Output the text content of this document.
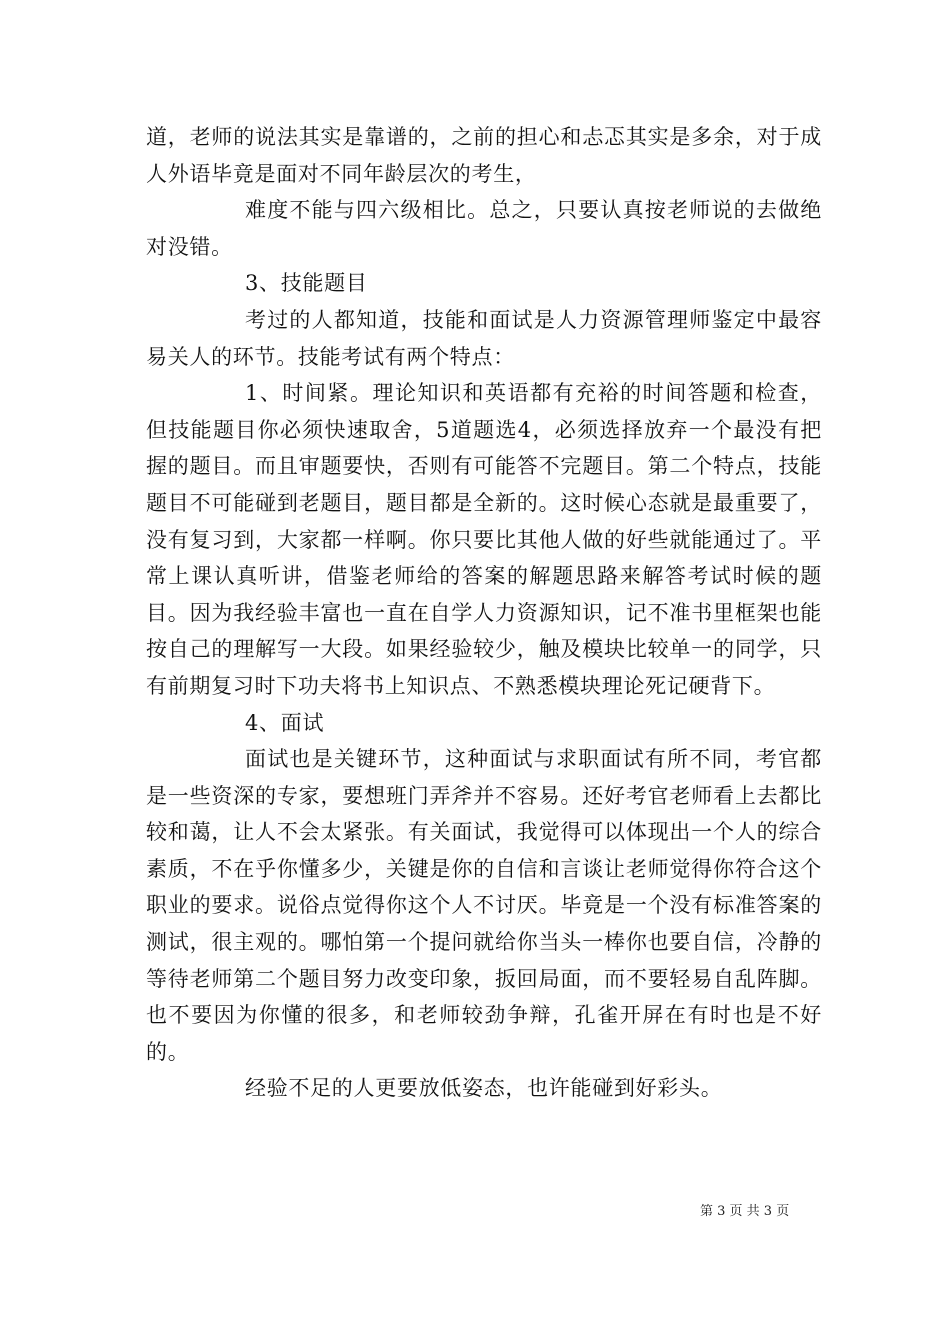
道，老师的说法其实是靠谱的，之前的担心和忐忑其实是多余，对于成人外语毕竟是面对不同年龄层次的考生，

难度不能与四六级相比。总之，只要认真按老师说的去做绝对没错。

3、技能题目

考过的人都知道，技能和面试是人力资源管理师鉴定中最容易关人的环节。技能考试有两个特点：

1、时间紧。理论知识和英语都有充裕的时间答题和检查，但技能题目你必须快速取舍，5道题选4，必须选择放弃一个最没有把握的题目。而且审题要快，否则有可能答不完题目。第二个特点，技能题目不可能碰到老题目，题目都是全新的。这时候心态就是最重要了，没有复习到，大家都一样啊。你只要比其他人做的好些就能通过了。平常上课认真听讲，借鉴老师给的答案的解题思路来解答考试时候的题目。因为我经验丰富也一直在自学人力资源知识，记不准书里框架也能按自己的理解写一大段。如果经验较少，触及模块比较单一的同学，只有前期复习时下功夫将书上知识点、不熟悉模块理论死记硬背下。

4、面试

面试也是关键环节，这种面试与求职面试有所不同，考官都是一些资深的专家，要想班门弄斧并不容易。还好考官老师看上去都比较和蔼，让人不会太紧张。有关面试，我觉得可以体现出一个人的综合素质，不在乎你懂多少，关键是你的自信和言谈让老师觉得你符合这个职业的要求。说俗点觉得你这个人不讨厌。毕竟是一个没有标准答案的测试，很主观的。哪怕第一个提问就给你当头一棒你也要自信，冷静的等待老师第二个题目努力改变印象，扳回局面，而不要轻易自乱阵脚。也不要因为你懂的很多，和老师较劲争辩，孔雀开屏在有时也是不好的。

经验不足的人更要放低姿态，也许能碰到好彩头。

第 3 页 共 3 页
